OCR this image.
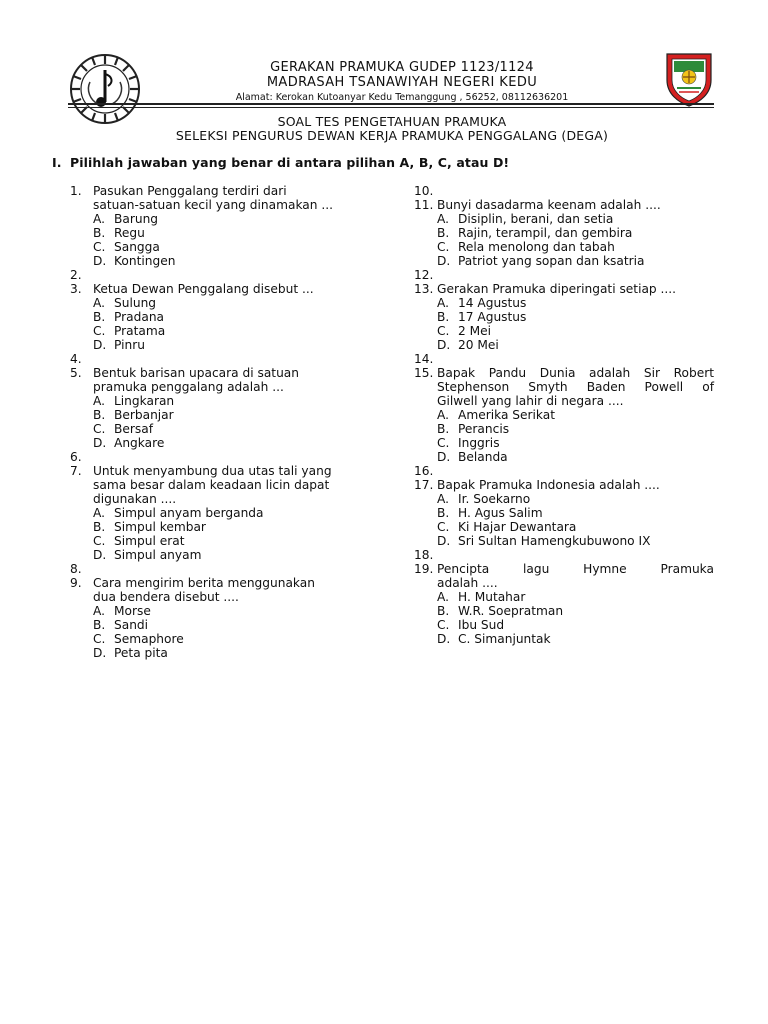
GERAKAN PRAMUKA GUDEP 1123/1124
MADRASAH TSANAWIYAH NEGERI KEDU
Alamat: Kerokan Kutoanyar Kedu Temanggung , 56252, 08112636201
SOAL TES PENGETAHUAN PRAMUKA
SELEKSI PENGURUS DEWAN KERJA PRAMUKA PENGGALANG (DEGA)
I. Pilihlah jawaban yang benar di antara pilihan A, B, C, atau D!
1. Pasukan Penggalang terdiri dari
satuan-satuan kecil yang dinamakan ...
A. Barung
B. Regu
C. Sangga
D. Kontingen
2.

3. Ketua Dewan Penggalang disebut ...
A. Sulung
B. Pradana
C. Pratama
D. Pinru
4.

5. Bentuk barisan upacara di satuan
pramuka penggalang adalah ...
A. Lingkaran
B. Berbanjar
C. Bersaf
D. Angkare
6.

7. Untuk menyambung dua utas tali yang
sama besar dalam keadaan licin dapat
digunakan ....
A. Simpul anyam berganda
B. Simpul kembar
C. Simpul erat
D. Simpul anyam
8.

9. Cara mengirim berita menggunakan
dua bendera disebut ....
A. Morse
B. Sandi
C. Semaphore
D. Peta pita
10.

11. Bunyi dasadarma keenam adalah ....
A. Disiplin, berani, dan setia
B. Rajin, terampil, dan gembira
C. Rela menolong dan tabah
D. Patriot yang sopan dan ksatria
12.

13. Gerakan Pramuka diperingati setiap ....
A. 14 Agustus
B. 17 Agustus
C. 2 Mei
D. 20 Mei
14.

15. Bapak Pandu Dunia adalah Sir Robert
Stephenson Smyth Baden Powell of
Gilwell yang lahir di negara ....
A. Amerika Serikat
B. Perancis
C. Inggris
D. Belanda
16.

17. Bapak Pramuka Indonesia adalah ....
A. Ir. Soekarno
B. H. Agus Salim
C. Ki Hajar Dewantara
D. Sri Sultan Hamengkubuwono IX
18.

19. Pencipta lagu Hymne Pramuka
adalah ....
A. H. Mutahar
B. W.R. Soepratman
C. Ibu Sud
D. C. Simanjuntak
